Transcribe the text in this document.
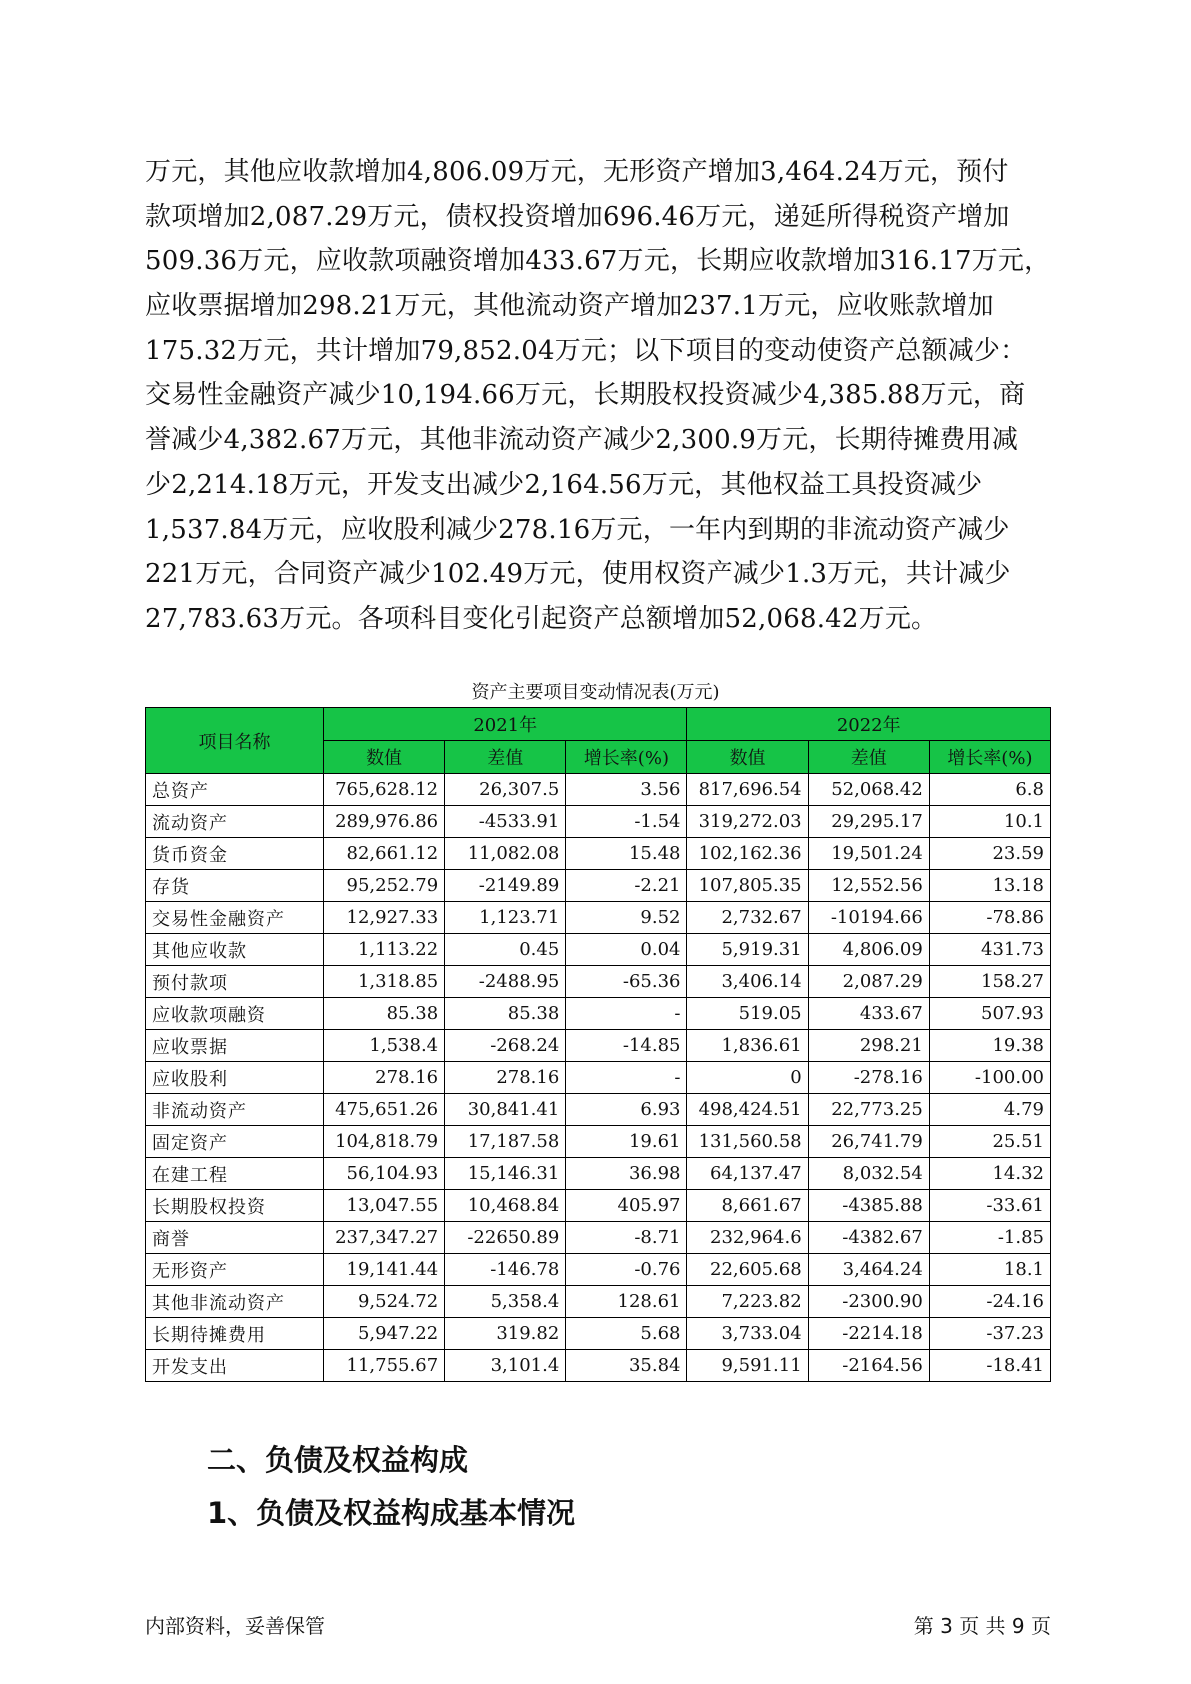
万元，其他应收款增加4,806.09万元，无形资产增加3,464.24万元，预付
款项增加2,087.29万元，债权投资增加696.46万元，递延所得税资产增加
509.36万元，应收款项融资增加433.67万元，长期应收款增加316.17万元，
应收票据增加298.21万元，其他流动资产增加237.1万元，应收账款增加
175.32万元，共计增加79,852.04万元；以下项目的变动使资产总额减少：
交易性金融资产减少10,194.66万元，长期股权投资减少4,385.88万元，商
誉减少4,382.67万元，其他非流动资产减少2,300.9万元，长期待摊费用减
少2,214.18万元，开发支出减少2,164.56万元，其他权益工具投资减少
1,537.84万元，应收股利减少278.16万元，一年内到期的非流动资产减少
221万元，合同资产减少102.49万元，使用权资产减少1.3万元，共计减少
27,783.63万元。各项科目变化引起资产总额增加52,068.42万元。
资产主要项目变动情况表(万元)
项目名称	2021年			2022年		
	数值	差值	增长率(%)	数值	差值	增长率(%)
总资产	765,628.12	26,307.5	3.56	817,696.54	52,068.42	6.8
流动资产	289,976.86	-4533.91	-1.54	319,272.03	29,295.17	10.1
货币资金	82,661.12	11,082.08	15.48	102,162.36	19,501.24	23.59
存货	95,252.79	-2149.89	-2.21	107,805.35	12,552.56	13.18
交易性金融资产	12,927.33	1,123.71	9.52	2,732.67	-10194.66	-78.86
其他应收款	1,113.22	0.45	0.04	5,919.31	4,806.09	431.73
预付款项	1,318.85	-2488.95	-65.36	3,406.14	2,087.29	158.27
应收款项融资	85.38	85.38	-	519.05	433.67	507.93
应收票据	1,538.4	-268.24	-14.85	1,836.61	298.21	19.38
应收股利	278.16	278.16	-	0	-278.16	-100.00
非流动资产	475,651.26	30,841.41	6.93	498,424.51	22,773.25	4.79
固定资产	104,818.79	17,187.58	19.61	131,560.58	26,741.79	25.51
在建工程	56,104.93	15,146.31	36.98	64,137.47	8,032.54	14.32
长期股权投资	13,047.55	10,468.84	405.97	8,661.67	-4385.88	-33.61
商誉	237,347.27	-22650.89	-8.71	232,964.6	-4382.67	-1.85
无形资产	19,141.44	-146.78	-0.76	22,605.68	3,464.24	18.1
其他非流动资产	9,524.72	5,358.4	128.61	7,223.82	-2300.90	-24.16
长期待摊费用	5,947.22	319.82	5.68	3,733.04	-2214.18	-37.23
开发支出	11,755.67	3,101.4	35.84	9,591.11	-2164.56	-18.41
二、负债及权益构成
1、负债及权益构成基本情况
内部资料，妥善保管	第 3 页 共 9 页
